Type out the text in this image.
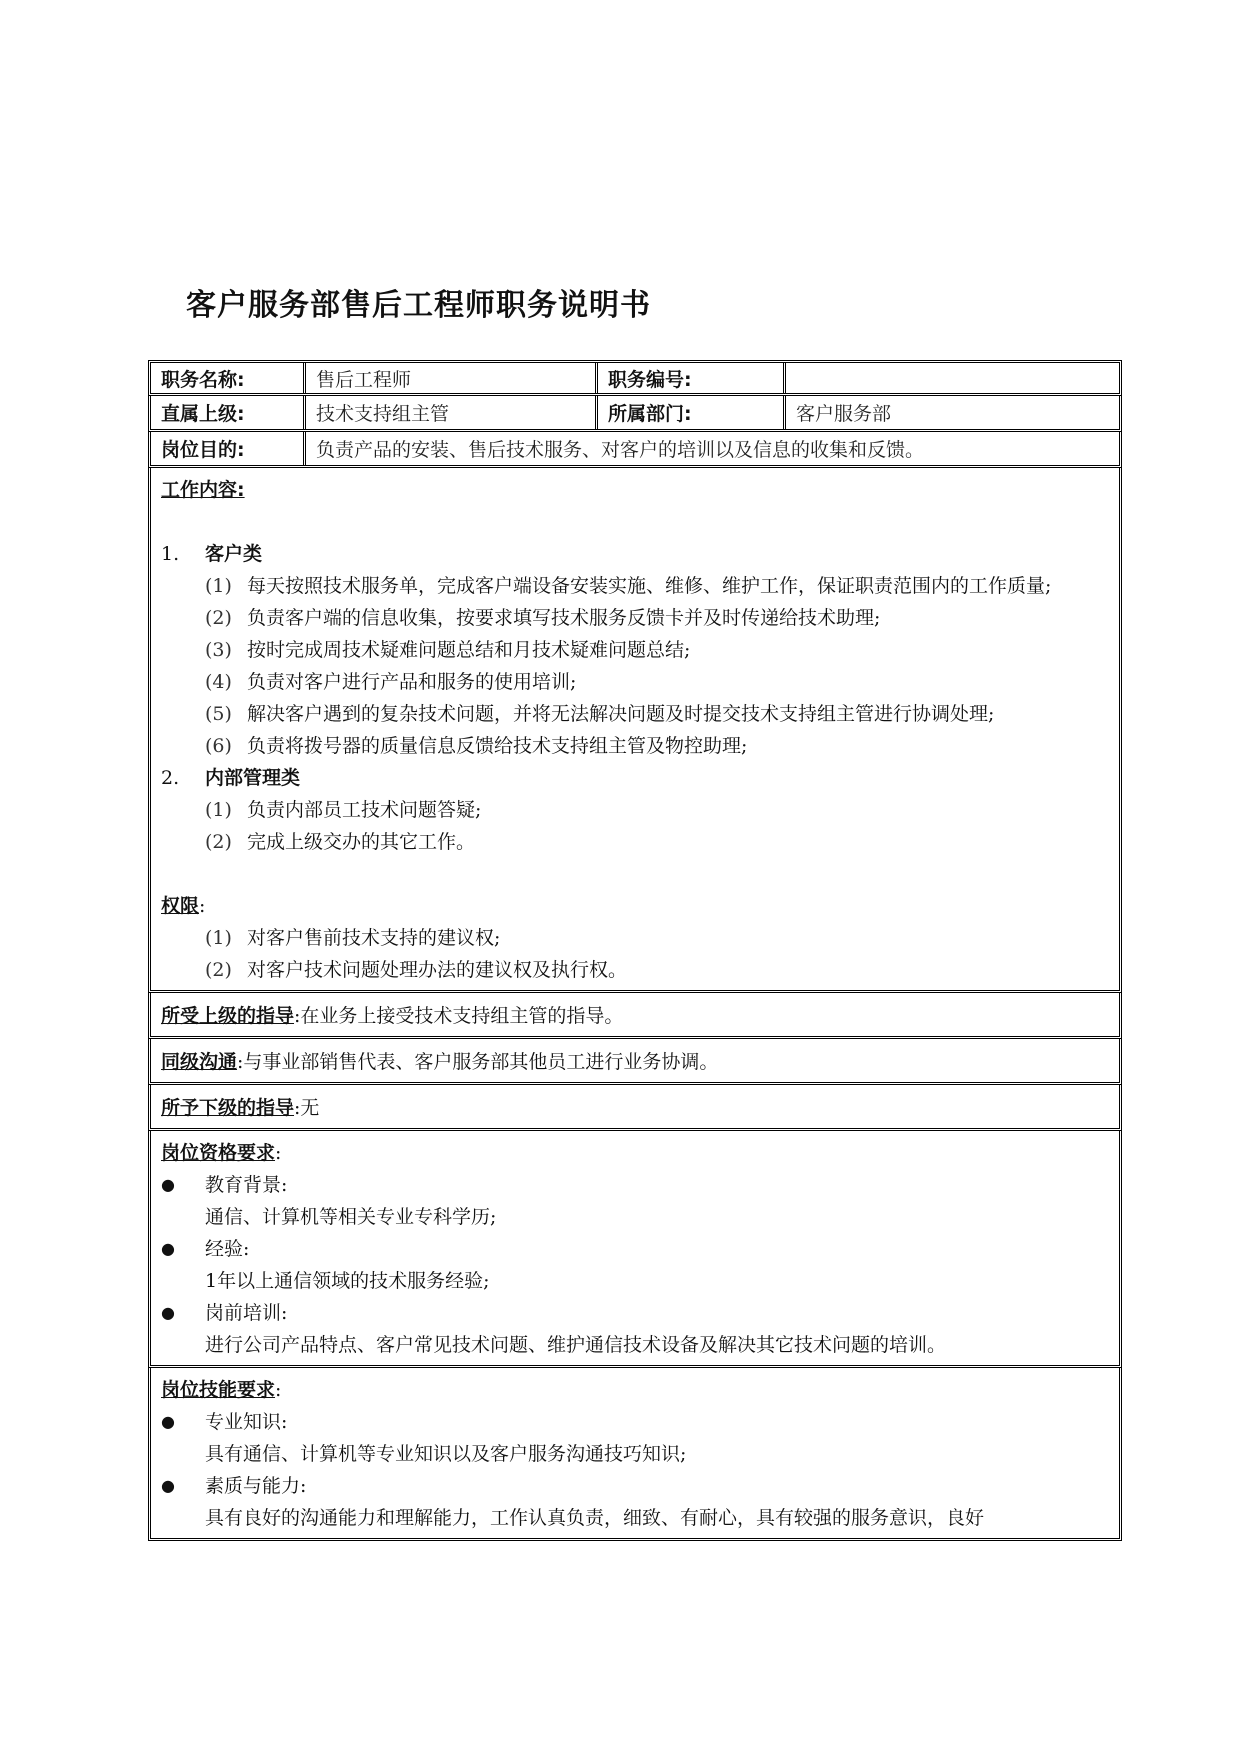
客户服务部售后工程师职务说明书
职务名称:	售后工程师	职务编号:
直属上级:	技术支持组主管	所属部门:	客户服务部
岗位目的:	负责产品的安装、售后技术服务、对客户的培训以及信息的收集和反馈。
工作内容:
1.	客户类
(1) 每天按照技术服务单，完成客户端设备安装实施、维修、维护工作，保证职责范围内的工作质量;
(2) 负责客户端的信息收集，按要求填写技术服务反馈卡并及时传递给技术助理;
(3) 按时完成周技术疑难问题总结和月技术疑难问题总结;
(4) 负责对客户进行产品和服务的使用培训;
(5) 解决客户遇到的复杂技术问题，并将无法解决问题及时提交技术支持组主管进行协调处理;
(6) 负责将拨号器的质量信息反馈给技术支持组主管及物控助理;
2.	内部管理类
(1) 负责内部员工技术问题答疑;
(2) 完成上级交办的其它工作。
权限:
(1) 对客户售前技术支持的建议权;
(2) 对客户技术问题处理办法的建议权及执行权。
所受上级的指导 :在业务上接受技术支持组主管的指导。
同级沟通 :与事业部销售代表、客户服务部其他员工进行业务协调。
所予下级的指导 :无
岗位资格要求:
●	教育背景:
通信、计算机等相关专业专科学历;
●	经验:
1年以上通信领域的技术服务经验;
●	岗前培训:
进行公司产品特点、客户常见技术问题、维护通信技术设备及解决其它技术问题的培训。
岗位技能要求:
●	专业知识:
具有通信、计算机等专业知识以及客户服务沟通技巧知识;
●	素质与能力:
具有良好的沟通能力和理解能力，工作认真负责，细致、有耐心，具有较强的服务意识，良好
